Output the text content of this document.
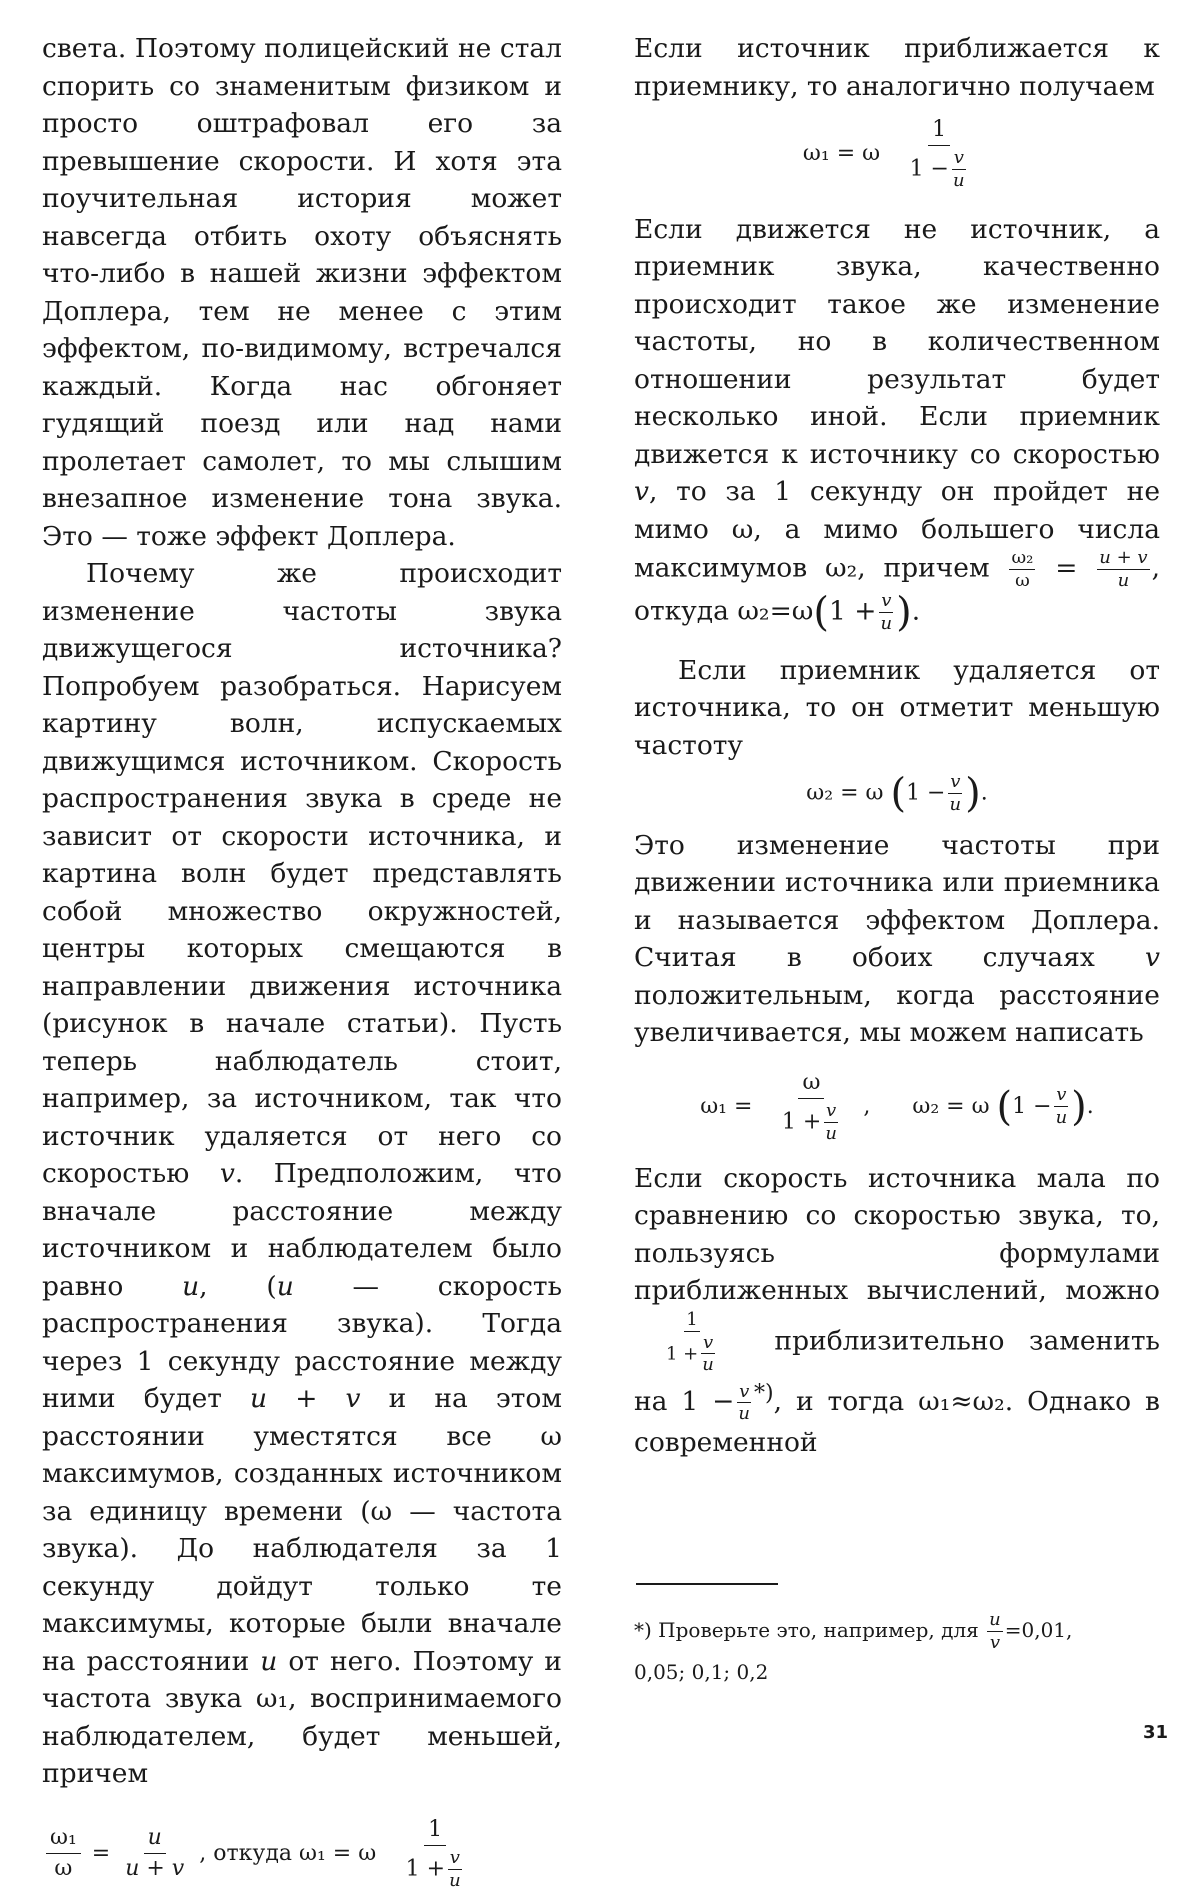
света. Поэтому полицейский не стал спорить со знаменитым физиком и просто оштрафовал его за превышение скорости. И хотя эта поучительная история может навсегда отбить охоту объяснять что-либо в нашей жизни эффектом Доплера, тем не менее с этим эффектом, по-видимому, встречался каждый. Когда нас обгоняет гудящий поезд или над нами пролетает самолет, то мы слышим внезапное изменение тона звука. Это — тоже эффект Доплера.

Почему же происходит изменение частоты звука движущегося источника? Попробуем разобраться. Нарисуем картину волн, испускаемых движущимся источником. Скорость распространения звука в среде не зависит от скорости источника, и картина волн будет представлять собой множество окружностей, центры которых смещаются в направлении движения источника (рисунок в начале статьи). Пусть теперь наблюдатель стоит, например, за источником, так что источник удаляется от него со скоростью v. Предположим, что вначале расстояние между источником и наблюдателем было равно u, (u — скорость распространения звука). Тогда через 1 секунду расстояние между ними будет u + v и на этом расстоянии уместятся все ω максимумов, созданных источником за единицу времени (ω — частота звука). До наблюдателя за 1 секунду дойдут только те максимумы, которые были вначале на расстоянии u от него. Поэтому и частота звука ω₁, воспринимаемого наблюдателем, будет меньшей, причем

$\frac{\text{ω₁}}{\omega} = \frac{u}{u + v}$ , откуда ω₁ = ω $\frac{1}{1 + \frac{v}{u}}$

Если источник приближается к приемнику, то аналогично получаем

ω₁ = ω $\frac{1}{1 - \frac{v}{u}}$

Если движется не источник, а приемник звука, качественно происходит такое же изменение частоты, но в количественном отношении результат будет несколько иной. Если приемник движется к источнику со скоростью v, то за 1 секунду он пройдет не мимо ω, а мимо большего числа максимумов ω₂, причем $\frac{\text{ω₂}}{\omega} = \frac{u + v}{u}$ , откуда $\omega_2=\omega(1 + \frac{v}{u}$ ).

Если приемник удаляется от источника, то он отметит меньшую частоту

ω₂ = ω ($1 - \frac{v}{u}$ ).

Это изменение частоты при движении источника или приемника и называется эффектом Доплера. Считая в обоих случаях v положительным, когда расстояние увеличивается, мы можем написать

$\omega_1 = \frac{\omega}{1 + \frac{v}{u}}$ ,      ω₂ = ω ($1 - \frac{v}{u}$ ).

Если скорость источника мала по сравнению со скоростью звука, то, пользуясь формулами приближенных вычислений, можно
$\frac{1}{1 + \frac{v}{u}}$ приблизительно заменить на $1 - \frac{v}{u} ^{*)}$, и тогда ω₁≈ω₂. Однако в современной

*) Проверьте это, например, для $\frac{u}{v} =0,01$,
0,05; 0,1; 0,2
31
